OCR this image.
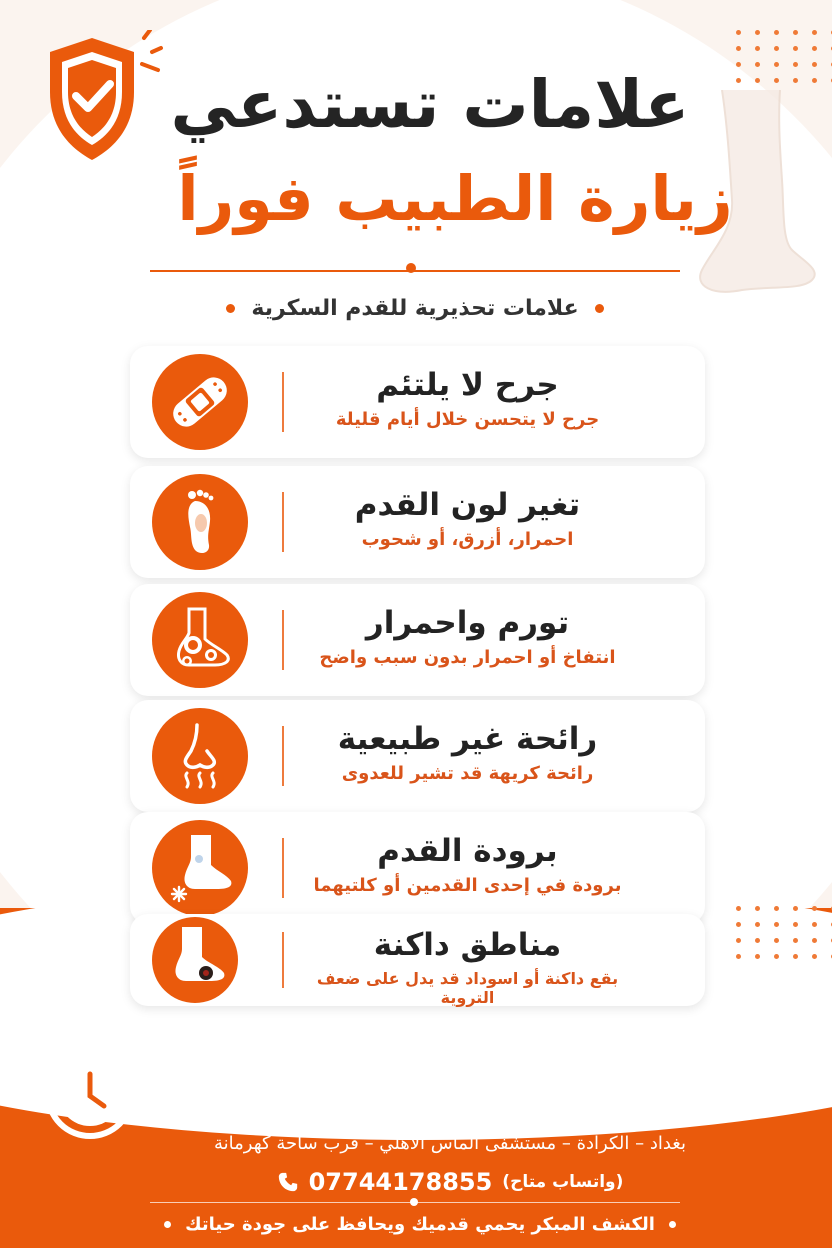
علامات تستدعي
زيارة الطبيب فوراً
علامات تحذيرية للقدم السكرية
جرح لا يلتئم
جرح لا يتحسن خلال أيام قليلة
تغير لون القدم
احمرار، أزرق، أو شحوب
تورم واحمرار
انتفاخ أو احمرار بدون سبب واضح
رائحة غير طبيعية
رائحة كريهة قد تشير للعدوى
برودة القدم
برودة في إحدى القدمين أو كلتيهما
مناطق داكنة
بقع داكنة أو اسوداد قد يدل على ضعف التروية
د. مصطفى الملا إبراهيم
أخصائي جراحة القلب والصدر والأوعية الدموية
بغداد – الكرادة – مستشفى الماس الأهلي – قرب ساحة كهرمانة
(واتساب متاح)
07744178855
الكشف المبكر يحمي قدميك ويحافظ على جودة حياتك
